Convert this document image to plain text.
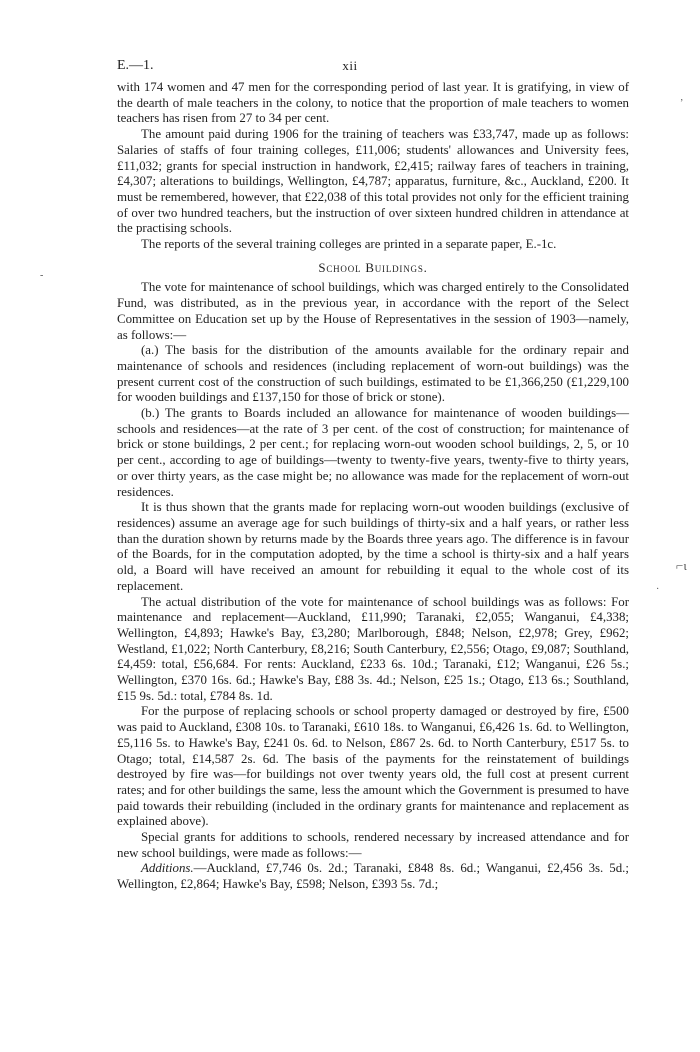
E.—1.	xii

with 174 women and 47 men for the corresponding period of last year. It is gratifying, in view of the dearth of male teachers in the colony, to notice that the proportion of male teachers to women teachers has risen from 27 to 34 per cent.

The amount paid during 1906 for the training of teachers was £33,747, made up as follows: Salaries of staffs of four training colleges, £11,006; students' allowances and University fees, £11,032; grants for special instruction in handwork, £2,415; railway fares of teachers in training, £4,307; alterations to buildings, Wellington, £4,787; apparatus, furniture, &c., Auckland, £200. It must be remembered, however, that £22,038 of this total provides not only for the efficient training of over two hundred teachers, but the instruction of over sixteen hundred children in attendance at the practising schools.

The reports of the several training colleges are printed in a separate paper, E.-1c.

School Buildings.

The vote for maintenance of school buildings, which was charged entirely to the Consolidated Fund, was distributed, as in the previous year, in accordance with the report of the Select Committee on Education set up by the House of Representatives in the session of 1903—namely, as follows:—

(a.) The basis for the distribution of the amounts available for the ordinary repair and maintenance of schools and residences (including replacement of worn-out buildings) was the present current cost of the construction of such buildings, estimated to be £1,366,250 (£1,229,100 for wooden buildings and £137,150 for those of brick or stone).

(b.) The grants to Boards included an allowance for maintenance of wooden buildings—schools and residences—at the rate of 3 per cent. of the cost of construction; for maintenance of brick or stone buildings, 2 per cent.; for replacing worn-out wooden school buildings, 2, 5, or 10 per cent., according to age of buildings—twenty to twenty-five years, twenty-five to thirty years, or over thirty years, as the case might be; no allowance was made for the replacement of worn-out residences.

It is thus shown that the grants made for replacing worn-out wooden buildings (exclusive of residences) assume an average age for such buildings of thirty-six and a half years, or rather less than the duration shown by returns made by the Boards three years ago. The difference is in favour of the Boards, for in the computation adopted, by the time a school is thirty-six and a half years old, a Board will have received an amount for rebuilding it equal to the whole cost of its replacement.

The actual distribution of the vote for maintenance of school buildings was as follows: For maintenance and replacement—Auckland, £11,990; Taranaki, £2,055; Wanganui, £4,338; Wellington, £4,893; Hawke's Bay, £3,280; Marlborough, £848; Nelson, £2,978; Grey, £962; Westland, £1,022; North Canterbury, £8,216; South Canterbury, £2,556; Otago, £9,087; Southland, £4,459: total, £56,684. For rents: Auckland, £233 6s. 10d.; Taranaki, £12; Wanganui, £26 5s.; Wellington, £370 16s. 6d.; Hawke's Bay, £88 3s. 4d.; Nelson, £25 1s.; Otago, £13 6s.; Southland, £15 9s. 5d.: total, £784 8s. 1d.

For the purpose of replacing schools or school property damaged or destroyed by fire, £500 was paid to Auckland, £308 10s. to Taranaki, £610 18s. to Wanganui, £6,426 1s. 6d. to Wellington, £5,116 5s. to Hawke's Bay, £241 0s. 6d. to Nelson, £867 2s. 6d. to North Canterbury, £517 5s. to Otago; total, £14,587 2s. 6d. The basis of the payments for the reinstatement of buildings destroyed by fire was—for buildings not over twenty years old, the full cost at present current rates; and for other buildings the same, less the amount which the Government is presumed to have paid towards their rebuilding (included in the ordinary grants for maintenance and replacement as explained above).

Special grants for additions to schools, rendered necessary by increased attendance and for new school buildings, were made as follows:—

Additions.—Auckland, £7,746 0s. 2d.; Taranaki, £848 8s. 6d.; Wanganui, £2,456 3s. 5d.; Wellington, £2,864; Hawke's Bay, £598; Nelson, £393 5s. 7d.;

ʼ
-
⌐ɩ
·
